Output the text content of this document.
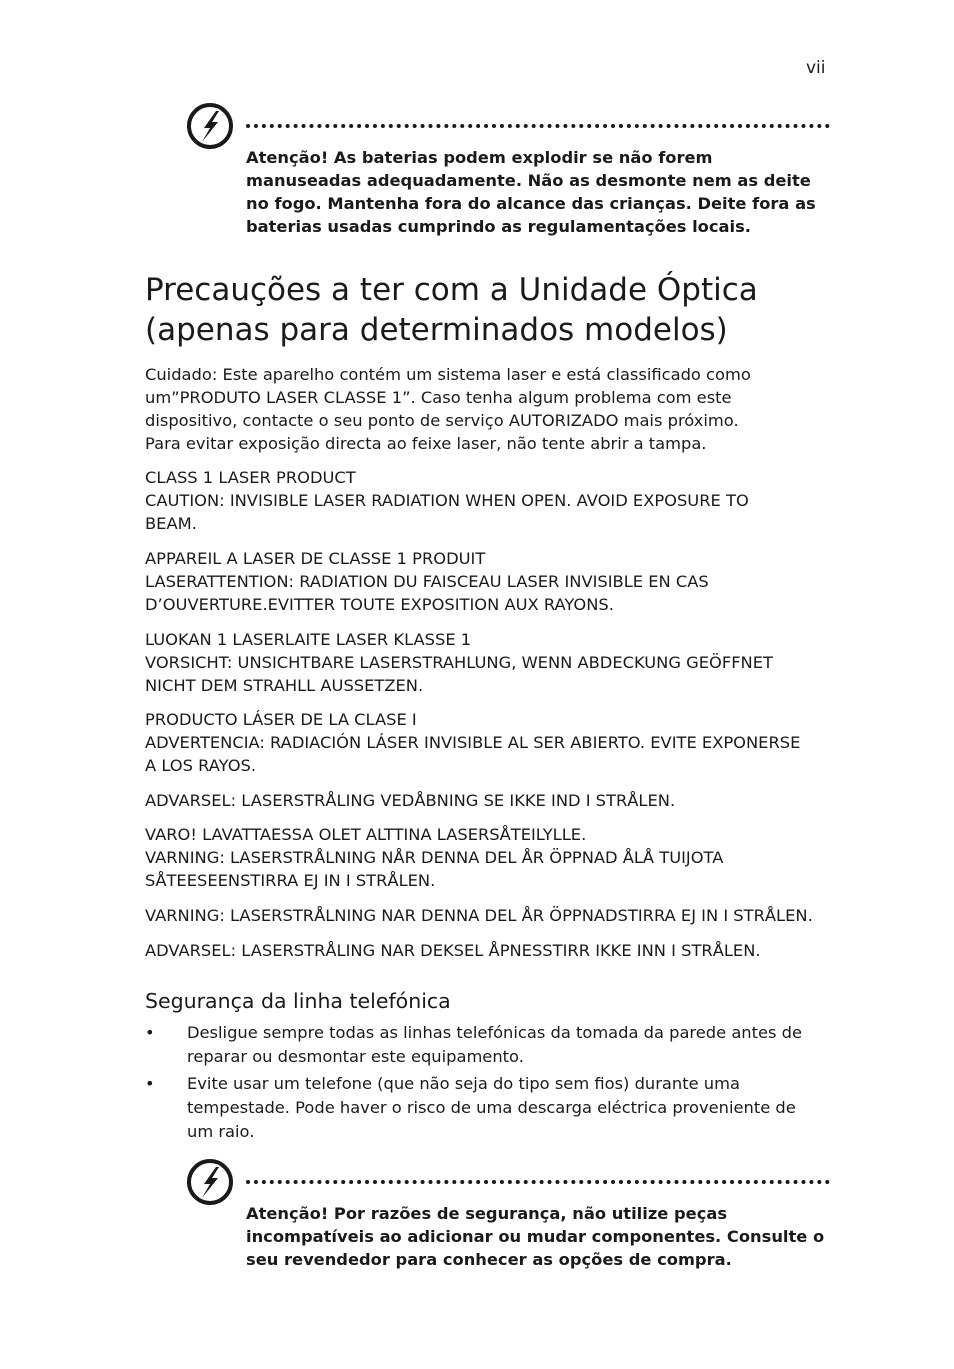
vii
Atenção! As baterias podem explodir se não forem manuseadas adequadamente. Não as desmonte nem as deite no fogo. Mantenha fora do alcance das crianças. Deite fora as baterias usadas cumprindo as regulamentações locais.
Precauções a ter com a Unidade Óptica
(apenas para determinados modelos)

Cuidado: Este aparelho contém um sistema laser e está classificado como
um”PRODUTO LASER CLASSE 1”. Caso tenha algum problema com este
dispositivo, contacte o seu ponto de serviço AUTORIZADO mais próximo.
Para evitar exposição directa ao feixe laser, não tente abrir a tampa.

CLASS 1 LASER PRODUCT
CAUTION: INVISIBLE LASER RADIATION WHEN OPEN. AVOID EXPOSURE TO
BEAM.

APPAREIL A LASER DE CLASSE 1 PRODUIT
LASERATTENTION: RADIATION DU FAISCEAU LASER INVISIBLE EN CAS
D’OUVERTURE.EVITTER TOUTE EXPOSITION AUX RAYONS.

LUOKAN 1 LASERLAITE LASER KLASSE 1
VORSICHT: UNSICHTBARE LASERSTRAHLUNG, WENN ABDECKUNG GEÖFFNET
NICHT DEM STRAHLL AUSSETZEN.

PRODUCTO LÁSER DE LA CLASE I
ADVERTENCIA: RADIACIÓN LÁSER INVISIBLE AL SER ABIERTO. EVITE EXPONERSE
A LOS RAYOS.

ADVARSEL: LASERSTRÅLING VEDÅBNING SE IKKE IND I STRÅLEN.

VARO! LAVATTAESSA OLET ALTTINA LASERSÅTEILYLLE.
VARNING: LASERSTRÅLNING NÅR DENNA DEL ÅR ÖPPNAD ÅLÅ TUIJOTA
SÅTEESEENSTIRRA EJ IN I STRÅLEN.

VARNING: LASERSTRÅLNING NAR DENNA DEL ÅR ÖPPNADSTIRRA EJ IN I STRÅLEN.

ADVARSEL: LASERSTRÅLING NAR DEKSEL ÅPNESSTIRR IKKE INN I STRÅLEN.

Segurança da linha telefónica
• Desligue sempre todas as linhas telefónicas da tomada da parede antes de
reparar ou desmontar este equipamento.
• Evite usar um telefone (que não seja do tipo sem fios) durante uma
tempestade. Pode haver o risco de uma descarga eléctrica proveniente de
um raio.
Atenção! Por razões de segurança, não utilize peças incompatíveis ao adicionar ou mudar componentes. Consulte o seu revendedor para conhecer as opções de compra.
